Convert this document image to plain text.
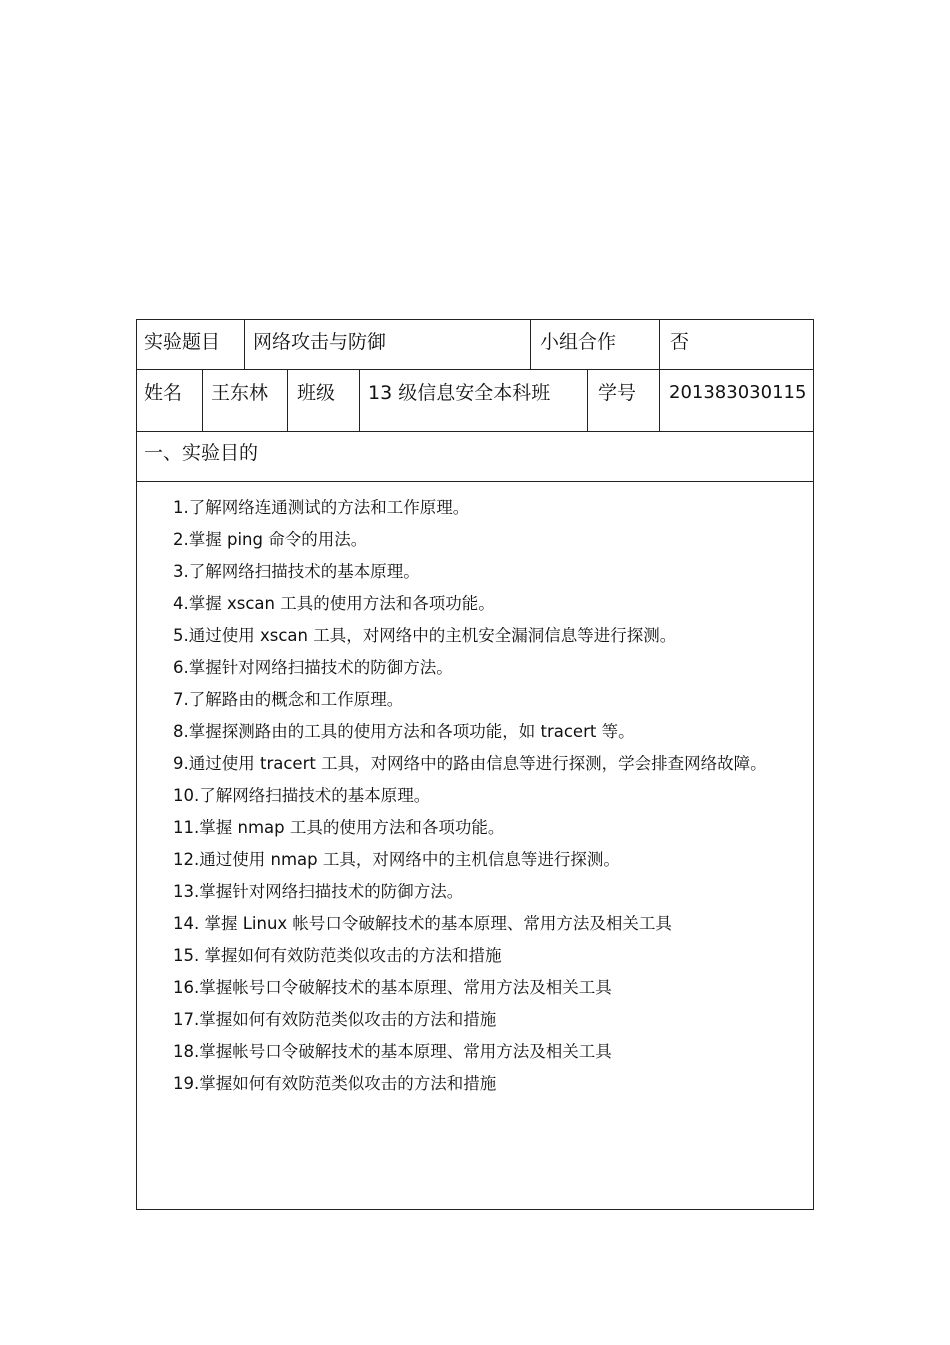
实验题目 网络攻击与防御	小组合作	否
姓名 王东林 班级 13 级信息安全本科班	学号 20138303011​5
一、实验目的

1.了解网络连通测试的方法和工作原理。

2.掌握 ping 命令的用法。

3.了解网络扫描技术的基本原理。

4.掌握 xscan 工具的使用方法和各项功能。

5.通过使用 xscan 工具，对网络中的主机安全漏洞信息等进行探测。

6.掌握针对网络扫描技术的防御方法。

7.了解路由的概念和工作原理。

8.掌握探测路由的工具的使用方法和各项功能，如 tracert 等。

9.通过使用 tracert 工具，对网络中的路由信息等进行探测，学会排查网络故障。

10.了解网络扫描技术的基本原理。

11.掌握 nmap 工具的使用方法和各项功能。

12.通过使用 nmap 工具，对网络中的主机信息等进行探测。

13.掌握针对网络扫描技术的防御方法。

14. 掌握 Linux 帐号口令破解技术的基本原理、常用方法及相关工具

15. 掌握如何有效防范类似攻击的方法和措施

16.掌握帐号口令破解技术的基本原理、常用方法及相关工具

17.掌握如何有效防范类似攻击的方法和措施

18.掌握帐号口令破解技术的基本原理、常用方法及相关工具

19.掌握如何有效防范类似攻击的方法和措施
